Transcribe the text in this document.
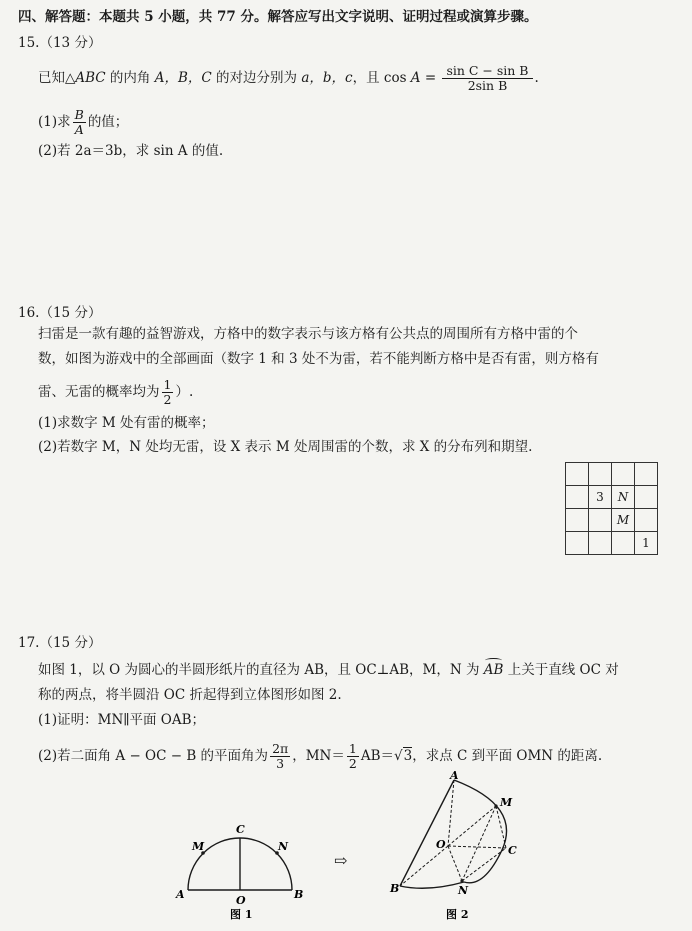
四、解答题：本题共 5 小题，共 77 分。解答应写出文字说明、证明过程或演算步骤。
15.（13 分）
已知△ABC 的内角 A，B，C 的对边分别为 a，b，c，且 $\cos A = \frac{\text{sin C − sin B}}{\text{2sin B}}$ .
(1)求 $\frac{B}{A}$ 的值；
(2)若 2a＝3b，求 sin A 的值.
16.（15 分）
扫雷是一款有趣的益智游戏，方格中的数字表示与该方格有公共点的周围所有方格中雷的个
数，如图为游戏中的全部画面（数字 1 和 3 处不为雷，若不能判断方格中是否有雷，则方格有
雷、无雷的概率均为 $\frac{1}{2}$ ）.
(1)求数字 M 处有雷的概率；
(2)若数字 M，N 处均无雷，设 X 表示 M 处周围雷的个数，求 X 的分布列和期望.

	3	N	
		M	
			1
17.（15 分）
如图 1，以 O 为圆心的半圆形纸片的直径为 AB，且 OC⊥AB，M，N 为 AB 上关于直线 OC 对
称的两点，将半圆沿 OC 折起得到立体图形如图 2.
(1)证明：MN∥平面 OAB；
(2)若二面角 A − OC − B 的平面角为 $\frac{2\pi}{3}$ ，$MN= \frac{1}{2} AB=√3$，求点 C 到平面 OMN 的距离.
A	O	B
C
M	N
图 1
⇨
A
M
O	C
B	N
图 2
